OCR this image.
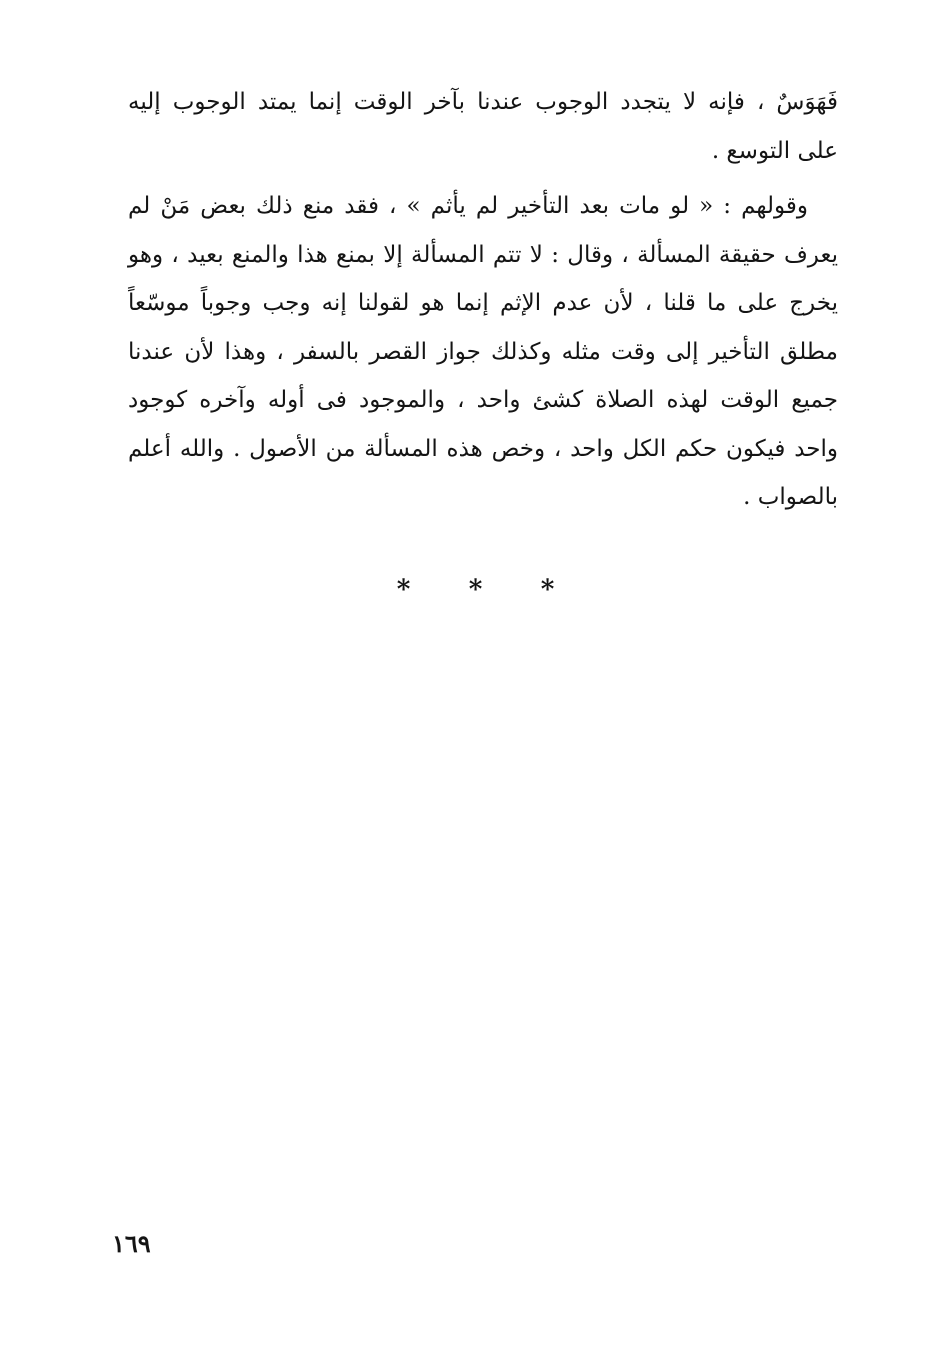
فَهَوَسٌ ، فإنه لا يتجدد الوجوب عندنا بآخر الوقت إنما يمتد الوجوب إليه
على التوسع .

وقولهم : « لو مات بعد التأخير لم يأثم » ، فقد منع ذلك بعض مَنْ لم
يعرف حقيقة المسألة ، وقال : لا تتم المسألة إلا بمنع هذا والمنع بعيد ، وهو
يخرج على ما قلنا ، لأن عدم الإثم إنما هو لقولنا إنه وجب وجوباً موسّعاً
مطلق التأخير إلى وقت مثله وكذلك جواز القصر بالسفر ، وهذا لأن عندنا
جميع الوقت لهذه الصلاة كشئ واحد ، والموجود فى أوله وآخره كوجود
واحد فيكون حكم الكل واحد ، وخص هذه المسألة من الأصول . والله أعلم
بالصواب .

*
*
*
١٦٩
